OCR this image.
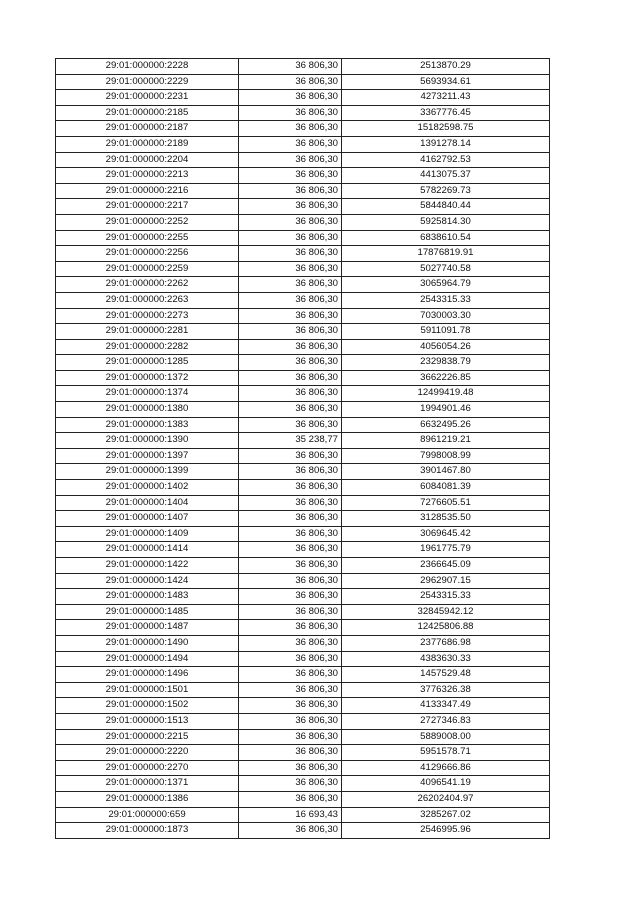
29:01:000000:2228	36 806,30	2513870.29
29:01:000000:2229	36 806,30	5693934.61
29:01:000000:2231	36 806,30	4273211.43
29:01:000000:2185	36 806,30	3367776.45
29:01:000000:2187	36 806,30	15182598.75
29:01:000000:2189	36 806,30	1391278.14
29:01:000000:2204	36 806,30	4162792.53
29:01:000000:2213	36 806,30	4413075.37
29:01:000000:2216	36 806,30	5782269.73
29:01:000000:2217	36 806,30	5844840.44
29:01:000000:2252	36 806,30	5925814.30
29:01:000000:2255	36 806,30	6838610.54
29:01:000000:2256	36 806,30	17876819.91
29:01:000000:2259	36 806,30	5027740.58
29:01:000000:2262	36 806,30	3065964.79
29:01:000000:2263	36 806,30	2543315.33
29:01:000000:2273	36 806,30	7030003.30
29:01:000000:2281	36 806,30	5911091.78
29:01:000000:2282	36 806,30	4056054.26
29:01:000000:1285	36 806,30	2329838.79
29:01:000000:1372	36 806,30	3662226.85
29:01:000000:1374	36 806,30	12499419.48
29:01:000000:1380	36 806,30	1994901.46
29:01:000000:1383	36 806,30	6632495.26
29:01:000000:1390	35 238,77	8961219.21
29:01:000000:1397	36 806,30	7998008.99
29:01:000000:1399	36 806,30	3901467.80
29:01:000000:1402	36 806,30	6084081.39
29:01:000000:1404	36 806,30	7276605.51
29:01:000000:1407	36 806,30	3128535.50
29:01:000000:1409	36 806,30	3069645.42
29:01:000000:1414	36 806,30	1961775.79
29:01:000000:1422	36 806,30	2366645.09
29:01:000000:1424	36 806,30	2962907.15
29:01:000000:1483	36 806,30	2543315.33
29:01:000000:1485	36 806,30	32845942.12
29:01:000000:1487	36 806,30	12425806.88
29:01:000000:1490	36 806,30	2377686.98
29:01:000000:1494	36 806,30	4383630.33
29:01:000000:1496	36 806,30	1457529.48
29:01:000000:1501	36 806,30	3776326.38
29:01:000000:1502	36 806,30	4133347.49
29:01:000000:1513	36 806,30	2727346.83
29:01:000000:2215	36 806,30	5889008.00
29:01:000000:2220	36 806,30	5951578.71
29:01:000000:2270	36 806,30	4129666.86
29:01:000000:1371	36 806,30	4096541.19
29:01:000000:1386	36 806,30	26202404.97
29:01:000000:659	16 693,43	3285267.02
29:01:000000:1873	36 806,30	2546995.96
